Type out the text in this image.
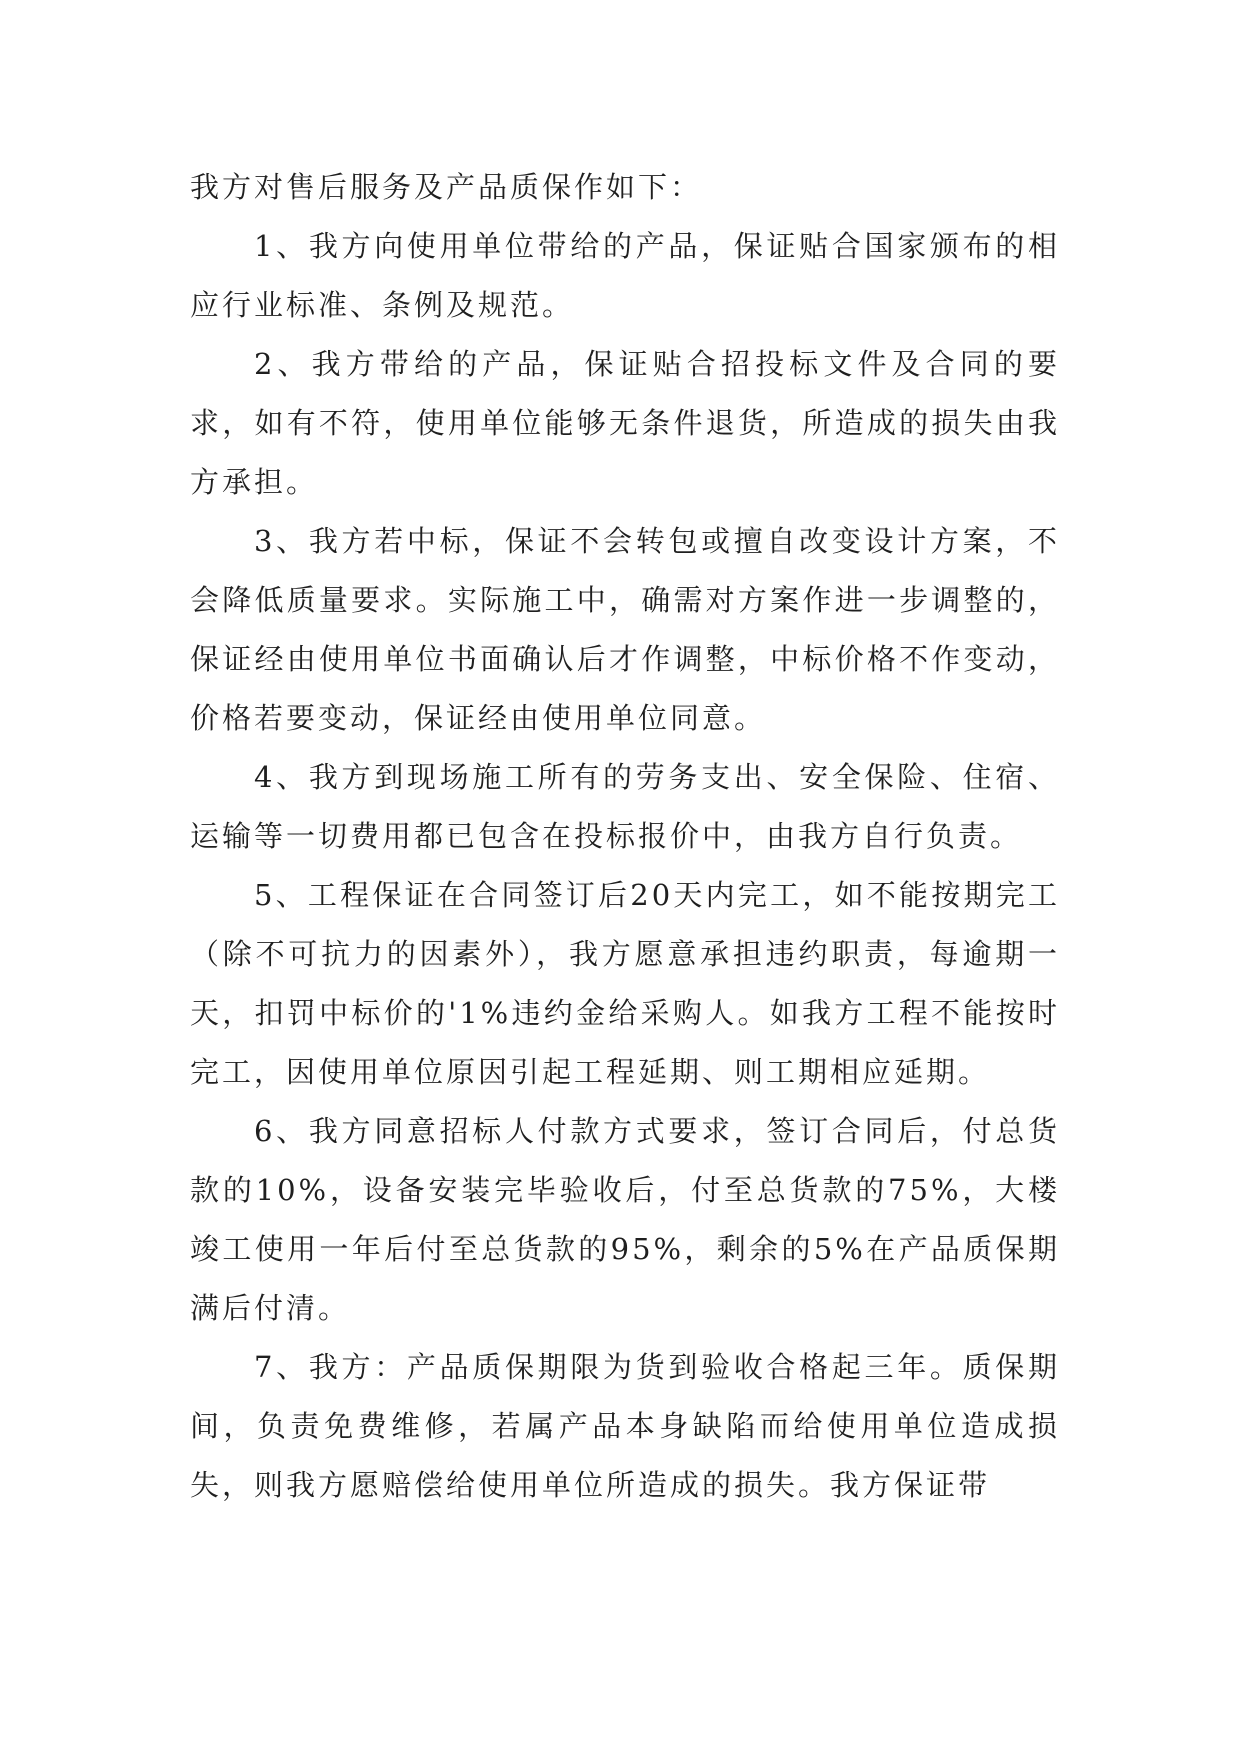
我方对售后服务及产品质保作如下：

1、我方向使用单位带给的产品，保证贴合国家颁布的相应行业标准、条例及规范。

2、我方带给的产品，保证贴合招投标文件及合同的要求，如有不符，使用单位能够无条件退货，所造成的损失由我方承担。

3、我方若中标，保证不会转包或擅自改变设计方案，不会降低质量要求。实际施工中，确需对方案作进一步调整的，保证经由使用单位书面确认后才作调整，中标价格不作变动，价格若要变动，保证经由使用单位同意。

4、我方到现场施工所有的劳务支出、安全保险、住宿、运输等一切费用都已包含在投标报价中，由我方自行负责。

5、工程保证在合同签订后20天内完工，如不能按期完工（除不可抗力的因素外），我方愿意承担违约职责，每逾期一天，扣罚中标价的'1%违约金给采购人。如我方工程不能按时完工，因使用单位原因引起工程延期、则工期相应延期。

6、我方同意招标人付款方式要求，签订合同后，付总货款的10%，设备安装完毕验收后，付至总货款的75%，大楼竣工使用一年后付至总货款的95%，剩余的5%在产品质保期满后付清。

7、我方：产品质保期限为货到验收合格起三年。质保期间，负责免费维修，若属产品本身缺陷而给使用单位造成损失，则我方愿赔偿给使用单位所造成的损失。我方保证带
